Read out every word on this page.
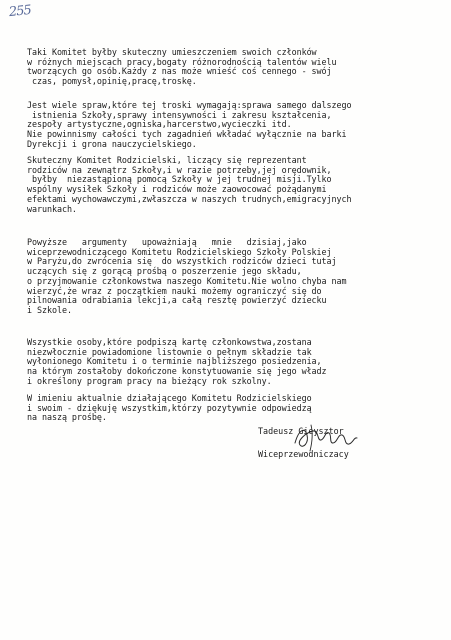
255
Taki Komitet byłby skuteczny umieszczeniem swoich członków
w różnych miejscach pracy,bogaty różnorodnością talentów wielu
tworzących go osób.Każdy z nas może wnieść coś cennego - swój
czas, pomysł,opinię,pracę,troskę.
Jest wiele spraw,które tej troski wymagają:sprawa samego dalszego
istnienia Szkoły,sprawy intensywności i zakresu kształcenia,
zespoły artystyczne,ogniska,harcerstwo,wycieczki itd.
Nie powinnismy całości tych zagadnień wkładać wyłącznie na barki
Dyrekcji i grona nauczycielskiego.
Skuteczny Komitet Rodzicielski, liczący się reprezentant
rodziców na zewnątrz Szkoły,i w razie potrzeby,jej orędownik,
byłby  niezastąpioną pomocą Szkoły w jej trudnej misji.Tylko
wspólny wysiłek Szkoły i rodziców może zaowocować pożądanymi
efektami wychowawczymi,zwłaszcza w naszych trudnych,emigracyjnych
warunkach.
Powyższe   argumenty   upoważniają   mnie   dzisiaj,jako
wiceprzewodniczącego Komitetu Rodzicielskiego Szkoły Polskiej
w Paryżu,do zwrócenia się  do wszystkich rodziców dzieci tutaj
uczących się z gorącą prośbą o poszerzenie jego składu,
o przyjmowanie członkowstwa naszego Komitetu.Nie wolno chyba nam
wierzyć,że wraz z początkiem nauki możemy ograniczyć się do
pilnowania odrabiania lekcji,a całą resztę powierzyć dziecku
i Szkole.
Wszystkie osoby,które podpiszą kartę członkowstwa,zostana
niezwłocznie powiadomione listownie o pełnym składzie tak
wyłonionego Komitetu i o terminie najbliższego posiedzenia,
na którym zostałoby dokończone konstytuowanie się jego władz
i określony program pracy na bieżący rok szkolny.
W imieniu aktualnie działającego Komitetu Rodzicielskiego
i swoim - dziękuję wszystkim,którzy pozytywnie odpowiedzą
na naszą prośbę.
Tadeusz Gieysztor
Wiceprzewodniczacy
